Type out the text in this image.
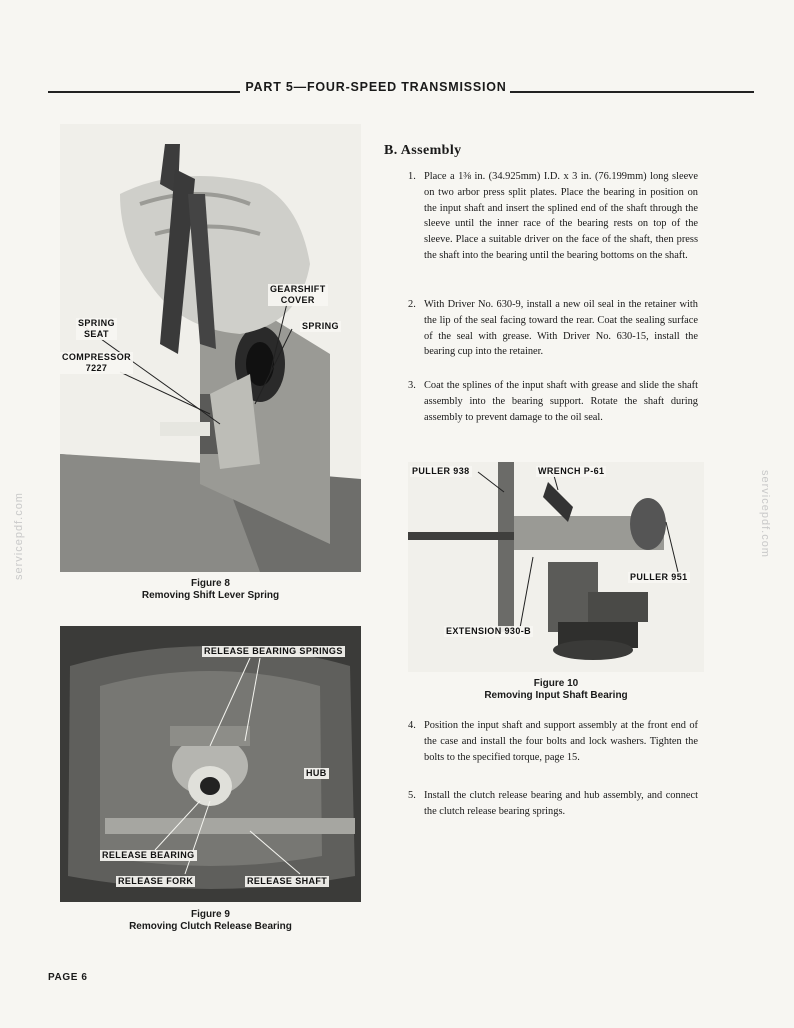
PART 5—FOUR-SPEED TRANSMISSION
GEARSHIFT
COVER
SPRING
SEAT
SPRING
COMPRESSOR
7227
Figure 8
Removing Shift Lever Spring
RELEASE BEARING SPRINGS
HUB
RELEASE BEARING
RELEASE FORK	RELEASE SHAFT
Figure 9
Removing Clutch Release Bearing
B. Assembly
1. Place a 1⅜ in. (34.925mm) I.D. x 3 in. (76.199mm) long sleeve on two arbor press split plates. Place the bearing in position on the input shaft and insert the splined end of the shaft through the sleeve until the inner race of the bearing rests on top of the sleeve. Place a suitable driver on the face of the shaft, then press the shaft into the bearing until the bearing bottoms on the shaft.
2. With Driver No. 630-9, install a new oil seal in the retainer with the lip of the seal facing toward the rear. Coat the sealing surface of the seal with grease. With Driver No. 630-15, install the bearing cup into the retainer.
3. Coat the splines of the input shaft with grease and slide the shaft assembly into the bearing support. Rotate the shaft during assembly to prevent damage to the oil seal.
PULLER 938	WRENCH P-61
PULLER 951
EXTENSION 930-B
Figure 10
Removing Input Shaft Bearing
4. Position the input shaft and support assembly at the front end of the case and install the four bolts and lock washers. Tighten the bolts to the specified torque, page 15.
5. Install the clutch release bearing and hub assembly, and connect the clutch release bearing springs.
PAGE 6
servicepdf.com	servicepdf.com
